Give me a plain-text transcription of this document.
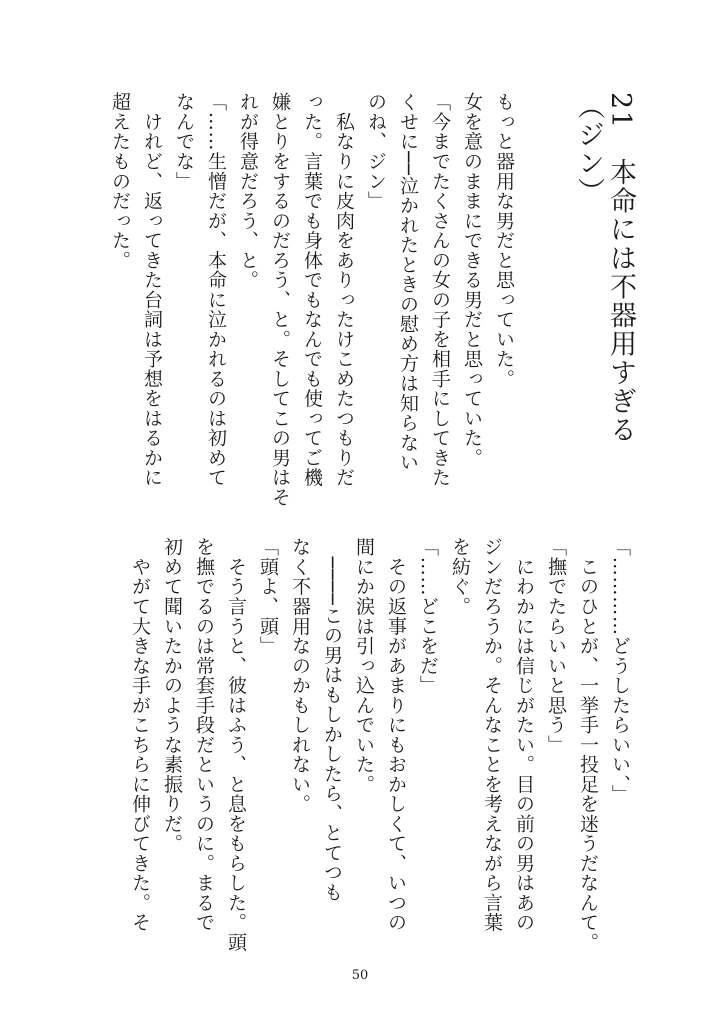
21　本命には不器用すぎる（ジン）

もっと器用な男だと思っていた。

女を意のままにできる男だと思っていた。

「今までたくさんの女の子を相手にしてきた

くせに──泣かれたときの慰め方は知らない

のね、ジン」

　私なりに皮肉をありったけこめたつもりだ

った。言葉でも身体でもなんでも使ってご機

嫌とりをするのだろう、と。そしてこの男はそ

れが得意だろう、と。

「……生憎だが、本命に泣かれるのは初めて

なんでな」

　けれど、返ってきた台詞は予想をはるかに

超えたものだった。

「…………どうしたらいい、」

　このひとが、一挙手一投足を迷うだなんて。

「撫でたらいいと思う」

　にわかには信じがたい。目の前の男はあの

ジンだろうか。そんなことを考えながら言葉

を紡ぐ。

「……どこをだ」

　その返事があまりにもおかしくて、いつの

間にか涙は引っ込んでいた。

　────この男はもしかしたら、とてつも

なく不器用なのかもしれない。

「頭よ、頭」

　そう言うと、彼はふう、と息をもらした。頭

を撫でるのは常套手段だというのに。まるで

初めて聞いたかのような素振りだ。

　やがて大きな手がこちらに伸びてきた。そ

50
